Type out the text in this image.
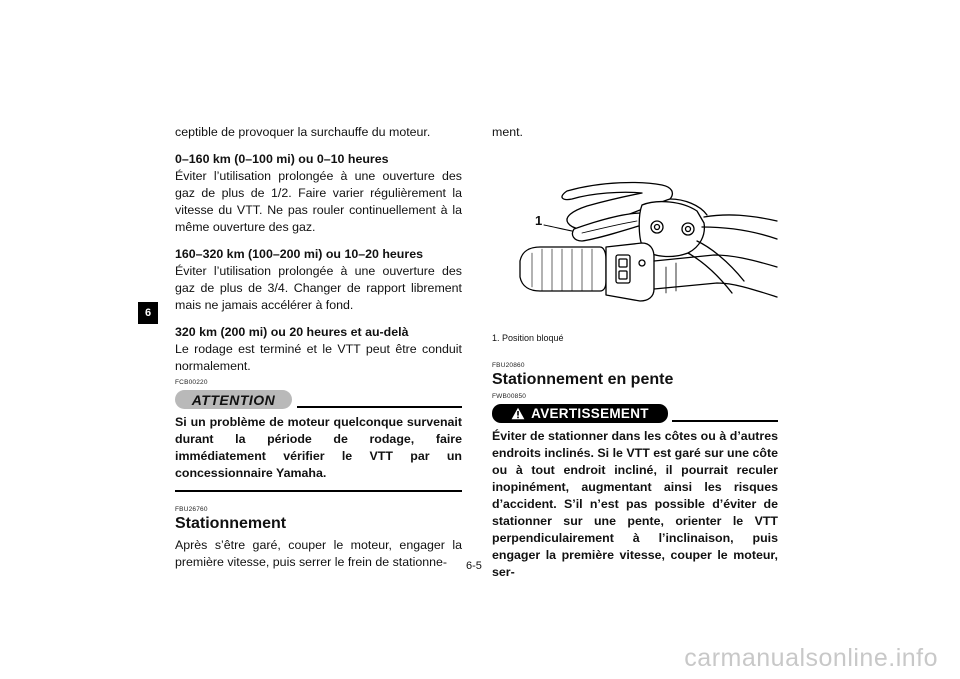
6

ceptible de provoquer la surchauffe du moteur.

0–160 km (0–100 mi) ou 0–10 heures

Éviter l’utilisation prolongée à une ouverture des gaz de plus de 1/2. Faire varier régulièrement la vitesse du VTT. Ne pas rouler continuellement à la même ouverture des gaz.

160–320 km (100–200 mi) ou 10–20 heures

Éviter l’utilisation prolongée à une ouverture des gaz de plus de 3/4. Changer de rapport librement mais ne jamais accélérer à fond.

320 km (200 mi) ou 20 heures et au-delà

Le rodage est terminé et le VTT peut être conduit normalement.

FCB00220
ATTENTION

Si un problème de moteur quelconque survenait durant la période de rodage, faire immédiatement vérifier le VTT par un concessionnaire Yamaha.

FBU26760
Stationnement

Après s’être garé, couper le moteur, engager la première vitesse, puis serrer le frein de stationne-

ment.

1
1. Position bloqué
FBU20860
Stationnement en pente
FWB00850
AVERTISSEMENT

Éviter de stationner dans les côtes ou à d’autres endroits inclinés. Si le VTT est garé sur une côte ou à tout endroit incliné, il pourrait reculer inopinément, augmentant ainsi les risques d’accident. S’il n’est pas possible d’éviter de stationner sur une pente, orienter le VTT perpendiculairement à l’inclinaison, puis engager la première vitesse, couper le moteur, ser-

6-5
carmanualsonline.info
